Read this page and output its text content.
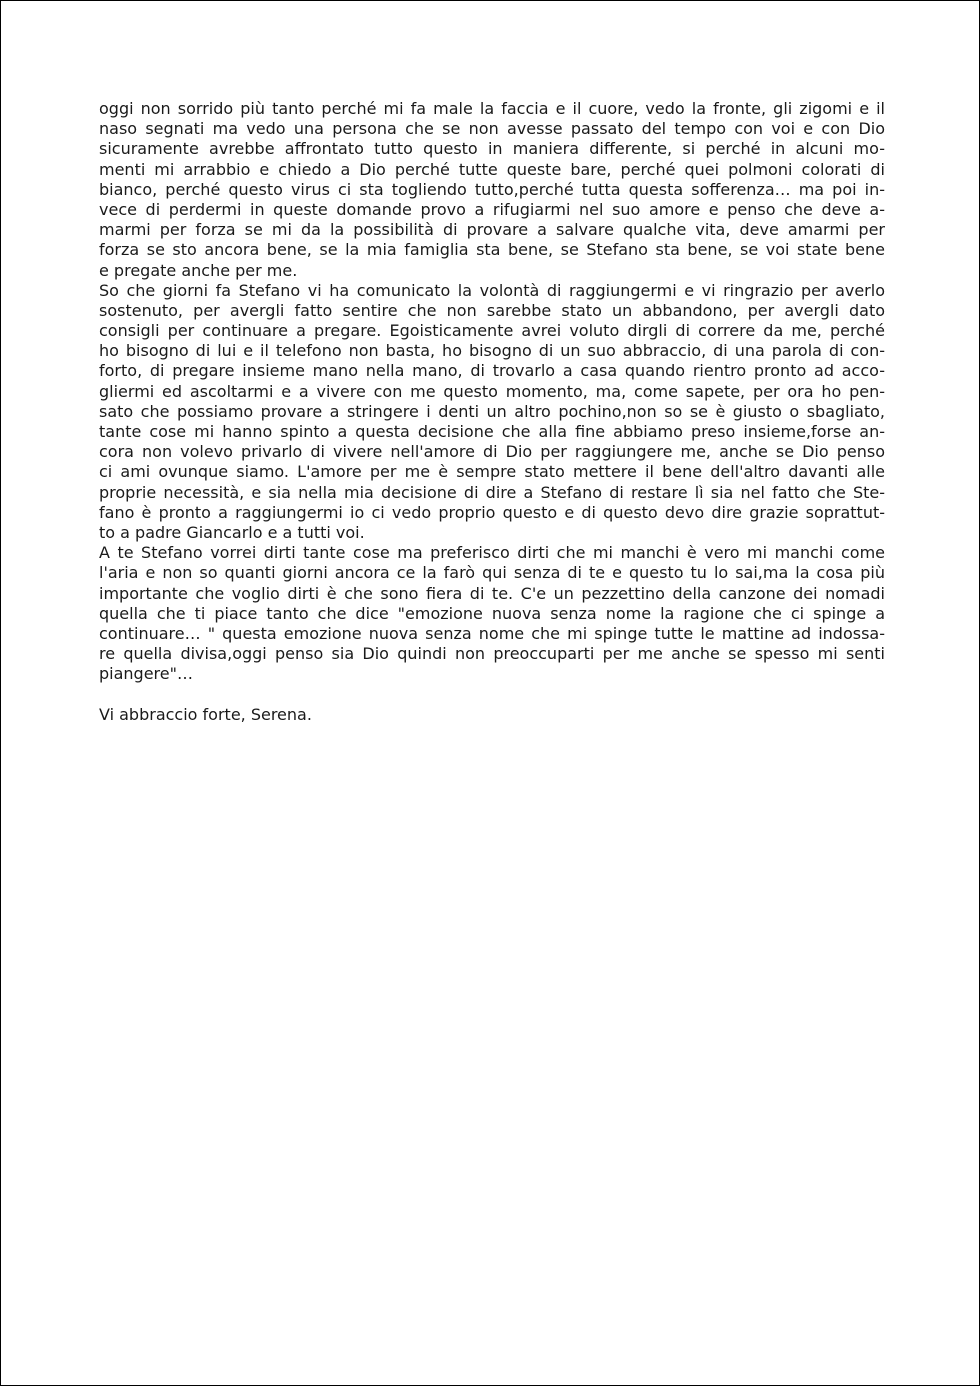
oggi non sorrido più tanto perché mi fa male la faccia e il cuore, vedo la fronte, gli zigomi e il
naso segnati ma vedo una persona che se non avesse passato del tempo con voi e con Dio
sicuramente avrebbe affrontato tutto questo in maniera differente, si perché in alcuni mo-
menti mi arrabbio e chiedo a Dio perché tutte queste bare, perché quei polmoni colorati di
bianco, perché questo virus ci sta togliendo tutto,perché tutta questa sofferenza… ma poi in-
vece di perdermi in queste domande provo a rifugiarmi nel suo amore e penso che deve a-
marmi per forza se mi da la possibilità di provare a salvare qualche vita, deve amarmi per
forza se sto ancora bene, se la mia famiglia sta bene, se Stefano sta bene, se voi state bene
e pregate anche per me.
So che giorni fa Stefano vi ha comunicato la volontà di raggiungermi e vi ringrazio per averlo
sostenuto, per avergli fatto sentire che non sarebbe stato un abbandono, per avergli dato
consigli per continuare a pregare. Egoisticamente avrei voluto dirgli di correre da me, perché
ho bisogno di lui e il telefono non basta, ho bisogno di un suo abbraccio, di una parola di con-
forto, di pregare insieme mano nella mano, di trovarlo a casa quando rientro pronto ad acco-
gliermi ed ascoltarmi e a vivere con me questo momento, ma, come sapete, per ora ho pen-
sato che possiamo provare a stringere i denti un altro pochino,non so se è giusto o sbagliato,
tante cose mi hanno spinto a questa decisione che alla fine abbiamo preso insieme,forse an-
cora non volevo privarlo di vivere nell'amore di Dio per raggiungere me, anche se Dio penso
ci ami ovunque siamo. L'amore per me è sempre stato mettere il bene dell'altro davanti alle
proprie necessità, e sia nella mia decisione di dire a Stefano di restare lì sia nel fatto che Ste-
fano è pronto a raggiungermi io ci vedo proprio questo e di questo devo dire grazie soprattut-
to a padre Giancarlo e a tutti voi.
A te Stefano vorrei dirti tante cose ma preferisco dirti che mi manchi è vero mi manchi come
l'aria e non so quanti giorni ancora ce la farò qui senza di te e questo tu lo sai,ma la cosa più
importante che voglio dirti è che sono fiera di te. C'e un pezzettino della canzone dei nomadi
quella che ti piace tanto che dice "emozione nuova senza nome la ragione che ci spinge a
continuare… " questa emozione nuova senza nome che mi spinge tutte le mattine ad indossa-
re quella divisa,oggi penso sia Dio quindi non preoccuparti per me anche se spesso mi senti
piangere"…
Vi abbraccio forte, Serena.
